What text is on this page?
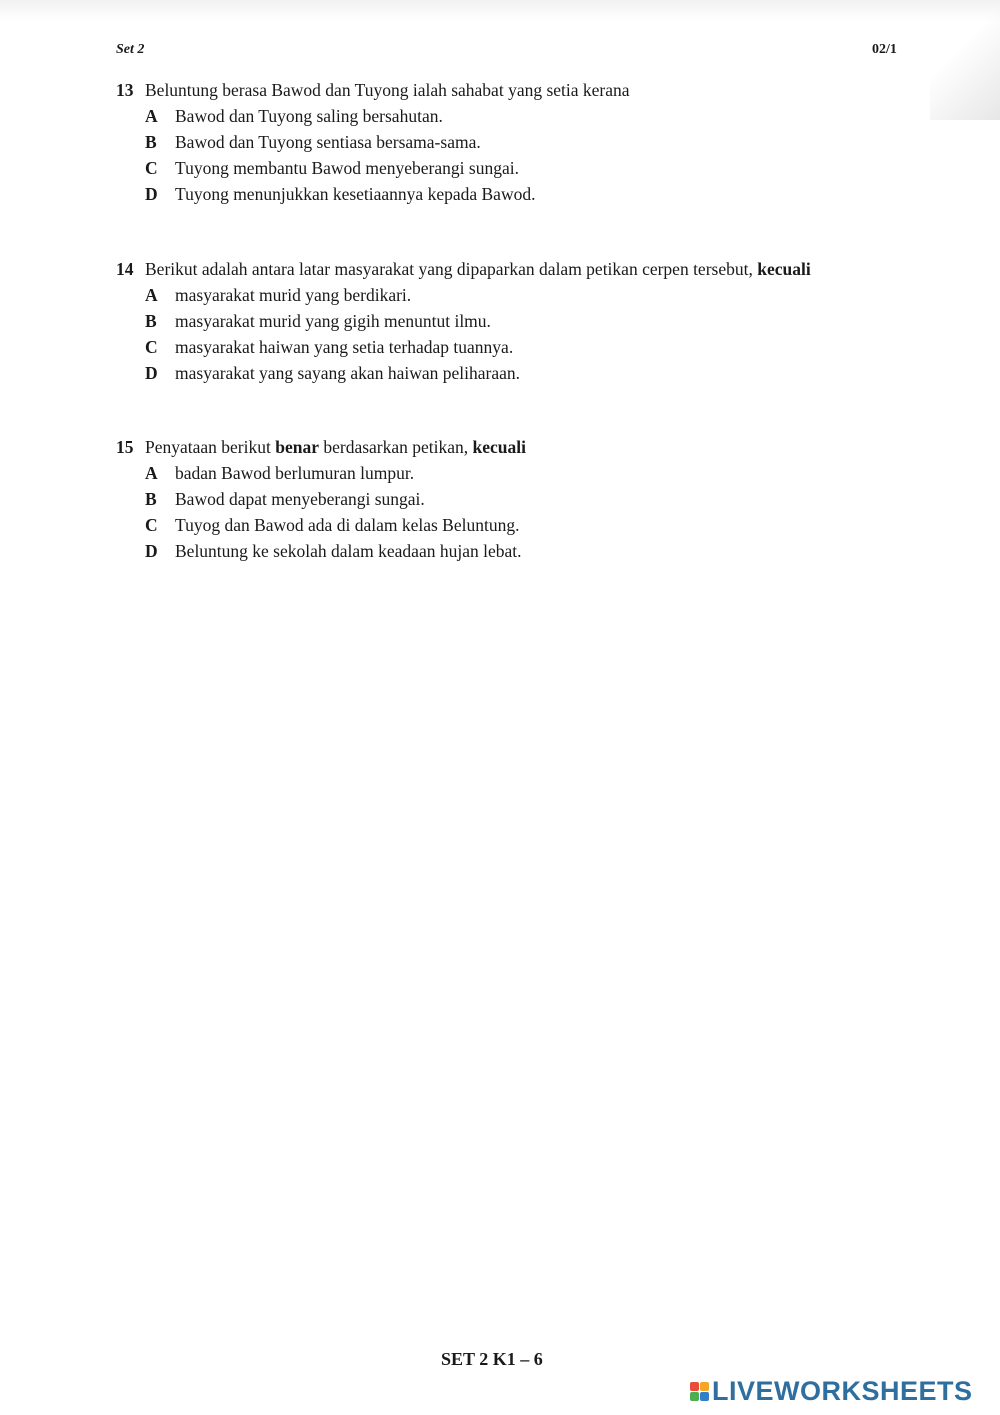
Set 2	02/1
13 Beluntung berasa Bawod dan Tuyong ialah sahabat yang setia kerana
A Bawod dan Tuyong saling bersahutan.
B	Bawod dan Tuyong sentiasa bersama-sama.
C Tuyong membantu Bawod menyeberangi sungai.
D Tuyong menunjukkan kesetiaannya kepada Bawod.
14 Berikut adalah antara latar masyarakat yang dipaparkan dalam petikan cerpen tersebut, kecuali
A masyarakat murid yang berdikari.
B	masyarakat murid yang gigih menuntut ilmu.
C masyarakat haiwan yang setia terhadap tuannya.
D masyarakat yang sayang akan haiwan peliharaan.
15 Penyataan berikut benar berdasarkan petikan, kecuali
A badan Bawod berlumuran lumpur.
B	Bawod dapat menyeberangi sungai.
C Tuyog dan Bawod ada di dalam kelas Beluntung.
D Beluntung ke sekolah dalam keadaan hujan lebat.
SET 2 K1 – 6
LIVEWORKSHEETS
